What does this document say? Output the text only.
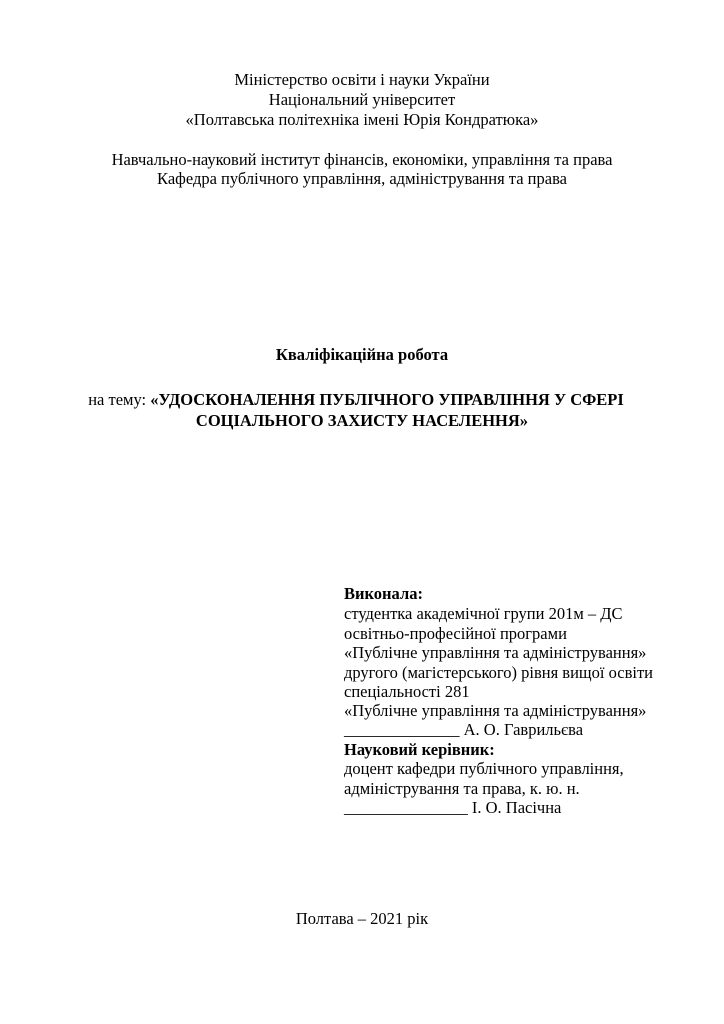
Міністерство освіти і науки України
Національний університет
«Полтавська політехніка імені Юрія Кондратюка»
Навчально-науковий інститут фінансів, економіки, управління та права
Кафедра публічного управління, адміністрування та права
Кваліфікаційна робота
на тему: «УДОСКОНАЛЕННЯ ПУБЛІЧНОГО УПРАВЛІННЯ У СФЕРІ
СОЦІАЛЬНОГО ЗАХИСТУ НАСЕЛЕННЯ»
Виконала:
студентка академічної групи 201м – ДС
освітньо-професійної програми
«Публічне управління та адміністрування»
другого (магістерського) рівня вищої освіти
спеціальності 281
«Публічне управління та адміністрування»
______________ А. О. Гаврильєва
Науковий керівник:
доцент кафедри публічного управління,
адміністрування та права, к. ю. н.
_______________ І. О. Пасічна
Полтава – 2021 рік
